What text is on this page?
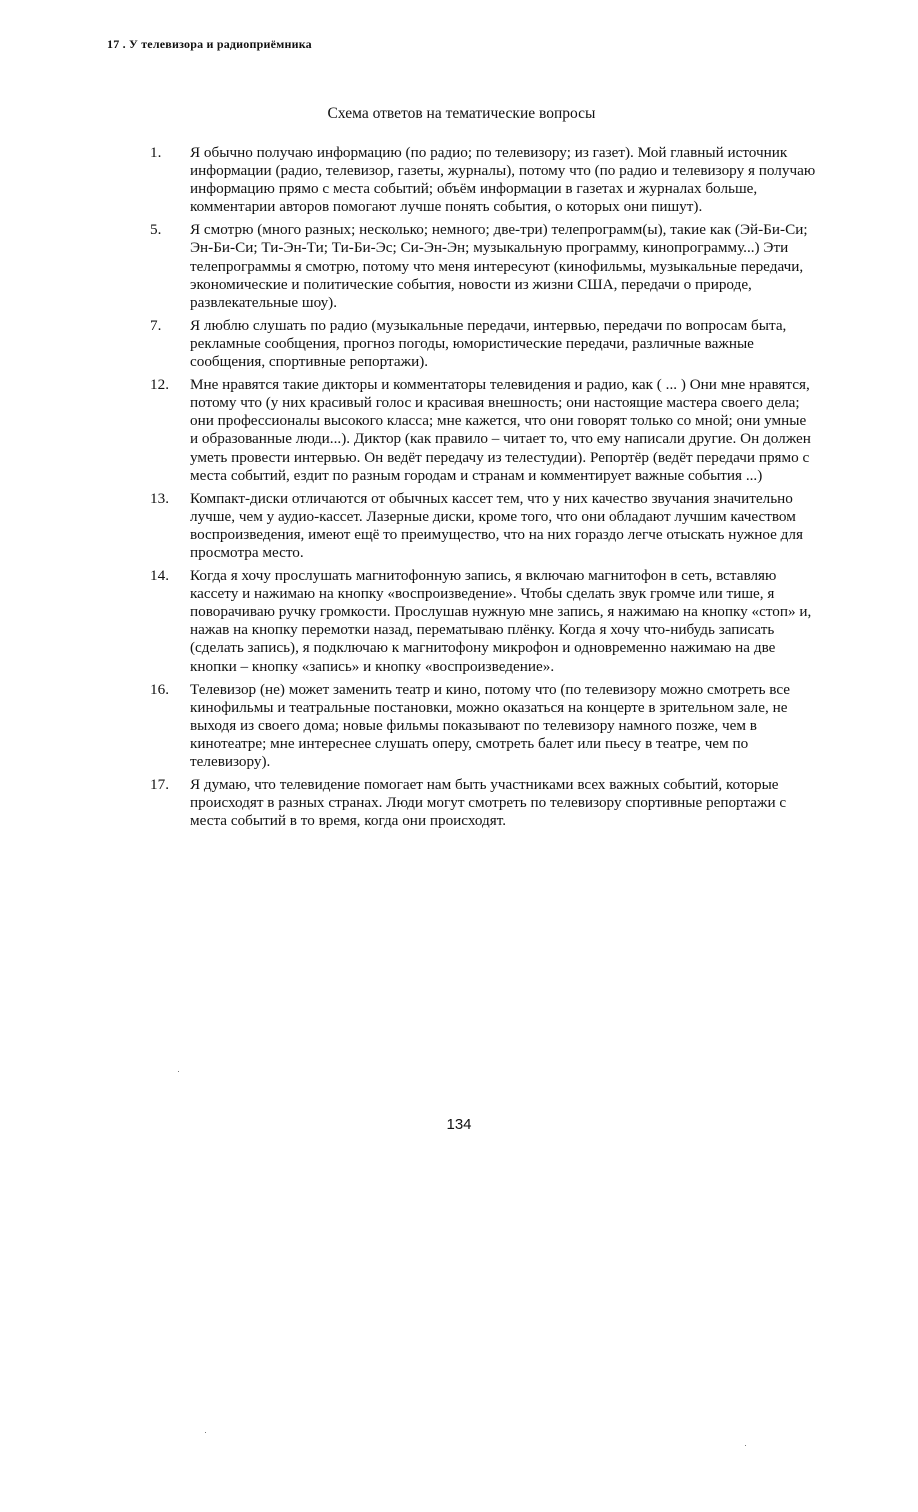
17 . У телевизора и радиоприёмника
Схема ответов на тематические вопросы
1.	Я обычно получаю информацию (по радио; по телевизору; из газет). Мой главный источник информации (радио, телевизор, газеты, журналы), потому что (по радио и телевизору я получаю информацию прямо с места событий; объём информации в газетах и журналах больше, комментарии авторов помогают лучше понять события, о которых они пишут).
5.	Я смотрю (много разных; несколько; немного; две-три) телепрограмм(ы), такие как (Эй-Би-Си; Эн-Би-Си; Ти-Эн-Ти; Ти-Би-Эс; Си-Эн-Эн; музыкальную программу, кинопрограмму...) Эти телепрограммы я смотрю, потому что меня интересуют (кинофильмы, музыкальные передачи, экономические и политические события, новости из жизни США, передачи о природе, развлекательные шоу).
7.	Я люблю слушать по радио (музыкальные передачи, интервью, передачи по вопросам быта, рекламные сообщения, прогноз погоды, юмористические передачи, различные важные сообщения, спортивные репортажи).
12.	Мне нравятся такие дикторы и комментаторы телевидения и радио, как ( ... ) Они мне нравятся, потому что (у них красивый голос и красивая внешность; они настоящие мастера своего дела; они профессионалы высокого класса; мне кажется, что они говорят только со мной; они умные и образованные люди...). Диктор (как правило – читает то, что ему написали другие. Он должен уметь провести интервью. Он ведёт передачу из телестудии). Репортёр (ведёт передачи прямо с места событий, ездит по разным городам и странам и комментирует важные события ...)
13.	Компакт-диски отличаются от обычных кассет тем, что у них качество звучания значительно лучше, чем у аудио-кассет. Лазерные диски, кроме того, что они обладают лучшим качеством воспроизведения, имеют ещё то преимущество, что на них гораздо легче отыскать нужное для просмотра место.
14.	Когда я хочу прослушать магнитофонную запись, я включаю магнитофон в сеть, вставляю кассету и нажимаю на кнопку «воспроизведение». Чтобы сделать звук громче или тише, я поворачиваю ручку громкости. Прослушав нужную мне запись, я нажимаю на кнопку «стоп» и, нажав на кнопку перемотки назад, перематываю плёнку. Когда я хочу что-нибудь записать (сделать запись), я подключаю к магнитофону микрофон и одновременно нажимаю на две кнопки – кнопку «запись» и кнопку «воспроизведение».
16.	Телевизор (не) может заменить театр и кино, потому что (по телевизору можно смотреть все кинофильмы и театральные постановки, можно оказаться на концерте в зрительном зале, не выходя из своего дома; новые фильмы показывают по телевизору намного позже, чем в кинотеатре; мне интереснее слушать оперу, смотреть балет или пьесу в театре, чем по телевизору).
17.	Я думаю, что телевидение помогает нам быть участниками всех важных событий, которые происходят в разных странах. Люди могут смотреть по телевизору спортивные репортажи с места событий в то время, когда они происходят.
134
